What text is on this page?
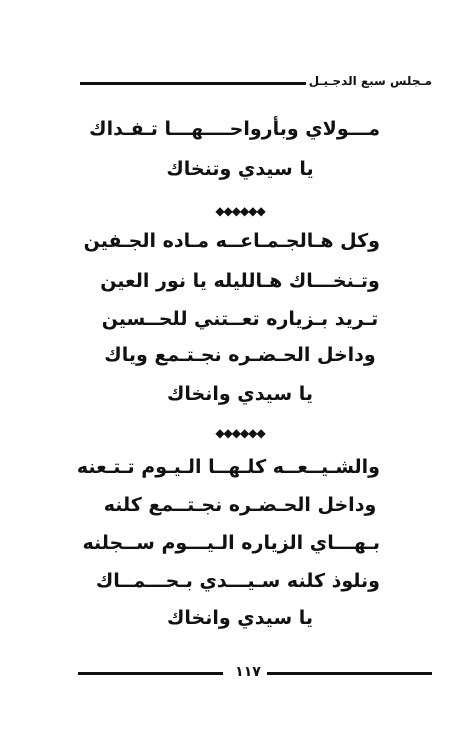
مـجلس سبع الدجـيـل
مـــولاي وبأرواحــــهـــا تـفـداك
يا سيدي وتنخاك
◆◆◆◆◆◆
وكل هـالجـمـاعــه مـاده الجـفين
وتـنخـــاك هـالليله يا نور العين
تـريد بـزياره تعــتني للحــسين
وداخل الحـضـره نجـتـمع وياك
يا سيدي وانخاك
◆◆◆◆◆◆
والشـيــعــه كلـهــا الـيـوم تـتـعنه
وداخل الحـضـره نجـتــمع كلنه
بـهـــاي الزياره الـيـــوم ســجلنه
ونلوذ كلنه سـيـــدي بـحـــمــاك
يا سيدي وانخاك
١١٧
